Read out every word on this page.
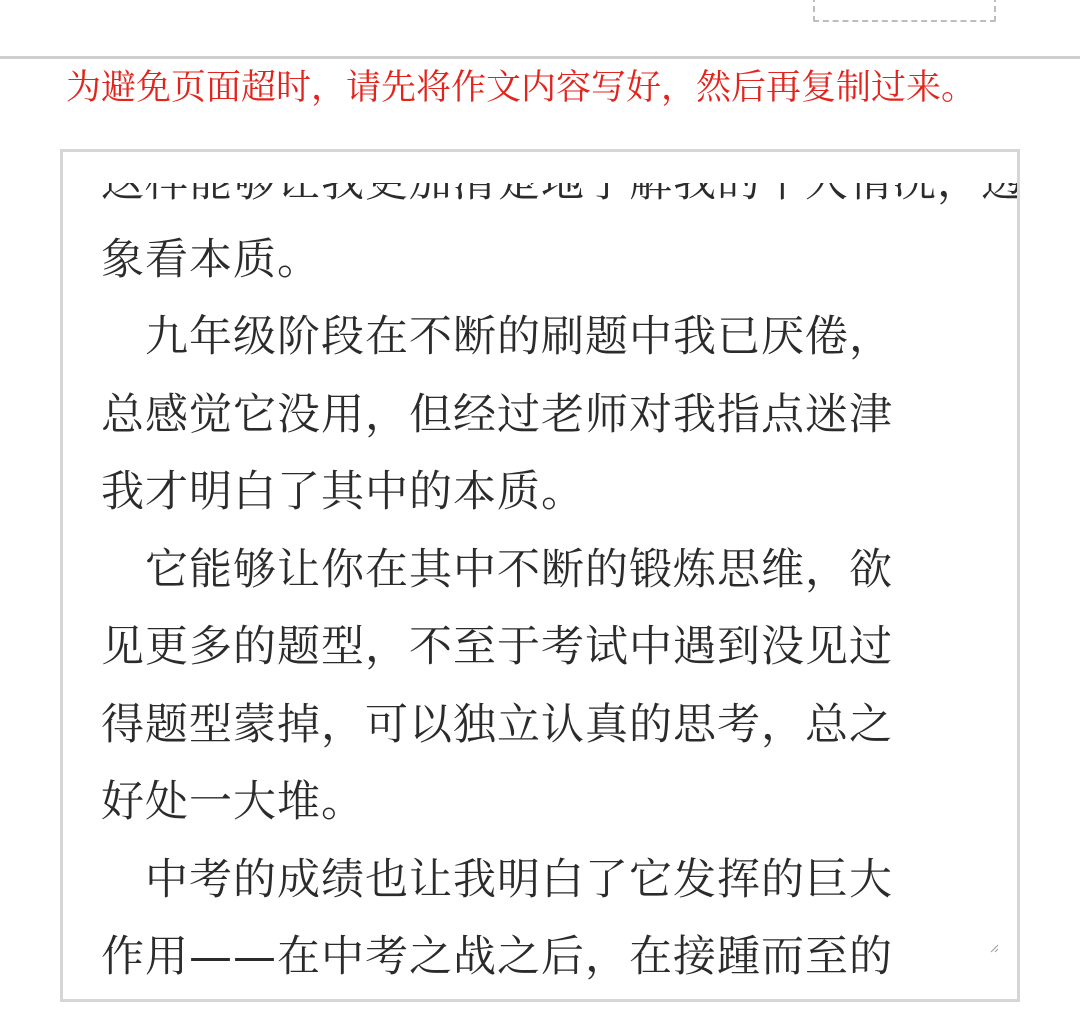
为避免页面超时，请先将作文内容写好，然后再复制过来。
象看本质。
　九年级阶段在不断的刷题中我已厌倦，
总感觉它没用，但经过老师对我指点迷津
我才明白了其中的本质。
　它能够让你在其中不断的锻炼思维，欲
见更多的题型，不至于考试中遇到没见过
得题型蒙掉，可以独立认真的思考，总之
好处一大堆。
　中考的成绩也让我明白了它发挥的巨大
作用——在中考之战之后，在接踵而至的
